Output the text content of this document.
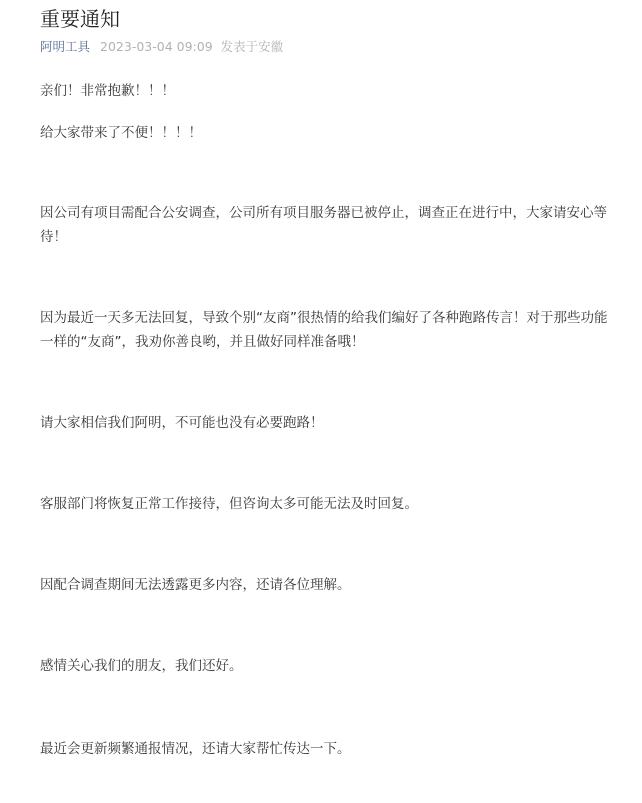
重要通知
阿明工具 2023-03-04 09:09 发表于安徽

亲们！非常抱歉！！！

给大家带来了不便！！！！

因公司有项目需配合公安调查，公司所有项目服务器已被停止，调查正在进行中，大家请安心等待！

因为最近一天多无法回复，导致个别“友商”很热情的给我们编好了各种跑路传言！对于那些功能一样的“友商”，我劝你善良哟，并且做好同样准备哦！

请大家相信我们阿明，不可能也没有必要跑路！

客服部门将恢复正常工作接待，但咨询太多可能无法及时回复。

因配合调查期间无法透露更多内容，还请各位理解。

感情关心我们的朋友，我们还好。

最近会更新频繁通报情况，还请大家帮忙传达一下。
